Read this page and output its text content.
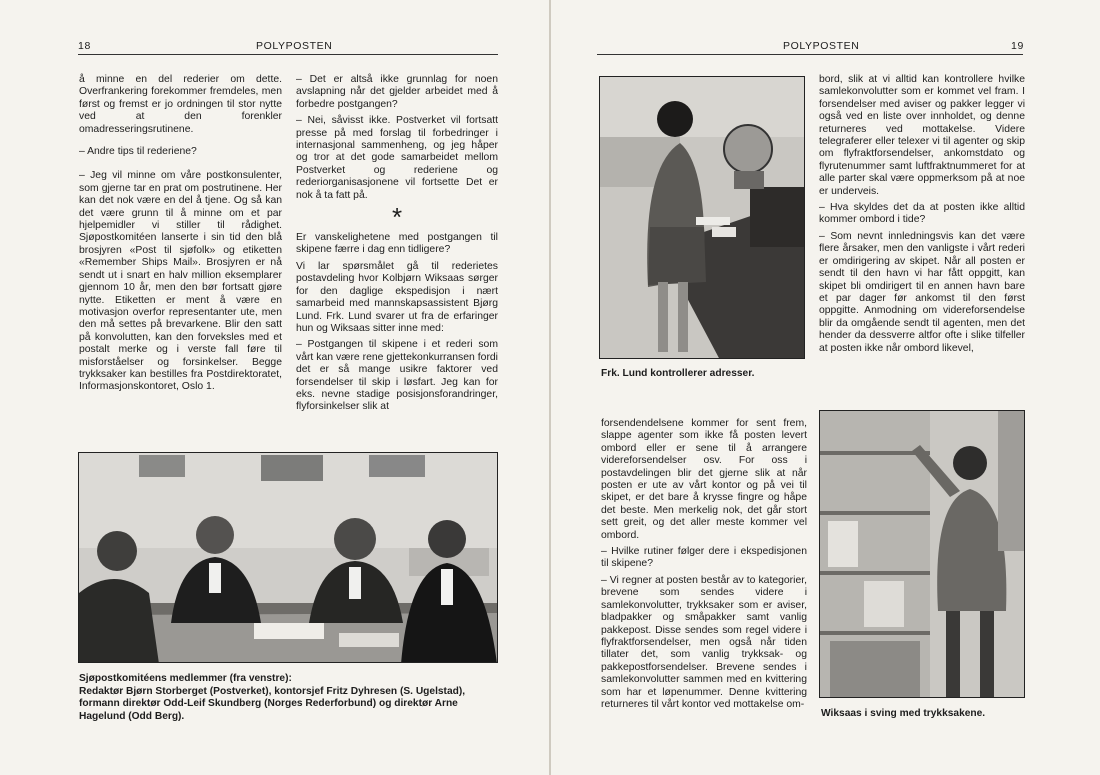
18	POLYPOSTEN

å minne en del rederier om dette. Overfrankering forekommer fremdeles, men først og fremst er jo ordningen til stor nytte ved at den forenkler omadresseringsrutinene.

– Andre tips til rederiene?

– Jeg vil minne om våre postkonsulenter, som gjerne tar en prat om postrutinene. Her kan det nok være en del å tjene. Og så kan det være grunn til å minne om et par hjelpemidler vi stiller til rådighet. Sjøpostkomitéen lanserte i sin tid den blå brosjyren «Post til sjøfolk» og etiketten «Remember Ships Mail». Brosjyren er nå sendt ut i snart en halv million eksemplarer gjennom 10 år, men den bør fortsatt gjøre nytte. Etiketten er ment å være en motivasjon overfor representanter ute, men den må settes på brevarkene. Blir den satt på konvolutten, kan den forveksles med et postalt merke og i verste fall føre til misforståelser og forsinkelser. Begge trykksaker kan bestilles fra Postdirektoratet, Informasjonskontoret, Oslo 1.

– Det er altså ikke grunnlag for noen avslapning når det gjelder arbeidet med å forbedre postgangen?

– Nei, såvisst ikke. Postverket vil fortsatt presse på med forslag til forbedringer i internasjonal sammenheng, og jeg håper og tror at det gode samarbeidet mellom Postverket og rederiene og rederiorganisasjonene vil fortsette Det er nok å ta fatt på.

*

Er vanskelighetene med postgangen til skipene færre i dag enn tidligere?

Vi lar spørsmålet gå til rederietes postavdeling hvor Kolbjørn Wiksaas sørger for den daglige ekspedisjon i nært samarbeid med mannskapsassistent Bjørg Lund. Frk. Lund svarer ut fra de erfaringer hun og Wiksaas sitter inne med:

– Postgangen til skipene i et rederi som vårt kan være rene gjettekonkurransen fordi det er så mange usikre faktorer ved forsendelser til skip i løsfart. Jeg kan for eks. nevne stadige posisjonsforandringer, flyforsinkelser slik at

Sjøpostkomitéens medlemmer (fra venstre):
Redaktør Bjørn Storberget (Postverket), kontorsjef Fritz Dyhresen (S. Ugelstad), formann direktør Odd-Leif Skundberg (Norges Rederforbund) og direktør Arne Hagelund (Odd Berg).
POLYPOSTEN	19
Frk. Lund kontrollerer adresser.

bord, slik at vi alltid kan kontrollere hvilke samlekonvolutter som er kommet vel fram. I forsendelser med aviser og pakker legger vi også ved en liste over innholdet, og denne returneres ved mottakelse. Videre telegraferer eller telexer vi til agenter og skip om flyfraktforsendelser, ankomstdato og flyrutenummer samt luftfraktnummeret for at alle parter skal være oppmerksom på at noe er underveis.

– Hva skyldes det da at posten ikke alltid kommer ombord i tide?

– Som nevnt innledningsvis kan det være flere årsaker, men den vanligste i vårt rederi er omdirigering av skipet. Når all posten er sendt til den havn vi har fått oppgitt, kan skipet bli omdirigert til en annen havn bare et par dager før ankomst til den først oppgitte. Anmodning om videreforsendelse blir da omgående sendt til agenten, men det hender da dessverre altfor ofte i slike tilfeller at posten ikke når ombord likevel,

forsendendelsene kommer for sent frem, slappe agenter som ikke få posten levert ombord eller er sene til å arrangere videreforsendelser osv. For oss i postavdelingen blir det gjerne slik at når posten er ute av vårt kontor og på vei til skipet, er det bare å krysse fingre og håpe det beste. Men merkelig nok, det går stort sett greit, og det aller meste kommer vel ombord.

– Hvilke rutiner følger dere i ekspedisjonen til skipene?

– Vi regner at posten består av to kategorier, brevene som sendes videre i samlekonvolutter, trykksaker som er aviser, bladpakker og småpakker samt vanlig pakkepost. Disse sendes som regel videre i flyfraktforsendelser, men også når tiden tillater det, som vanlig trykksak- og pakkepostforsendelser. Brevene sendes i samlekonvolutter sammen med en kvittering som har et løpenummer. Denne kvittering returneres til vårt kontor ved mottakelse om-

Wiksaas i sving med trykksakene.
